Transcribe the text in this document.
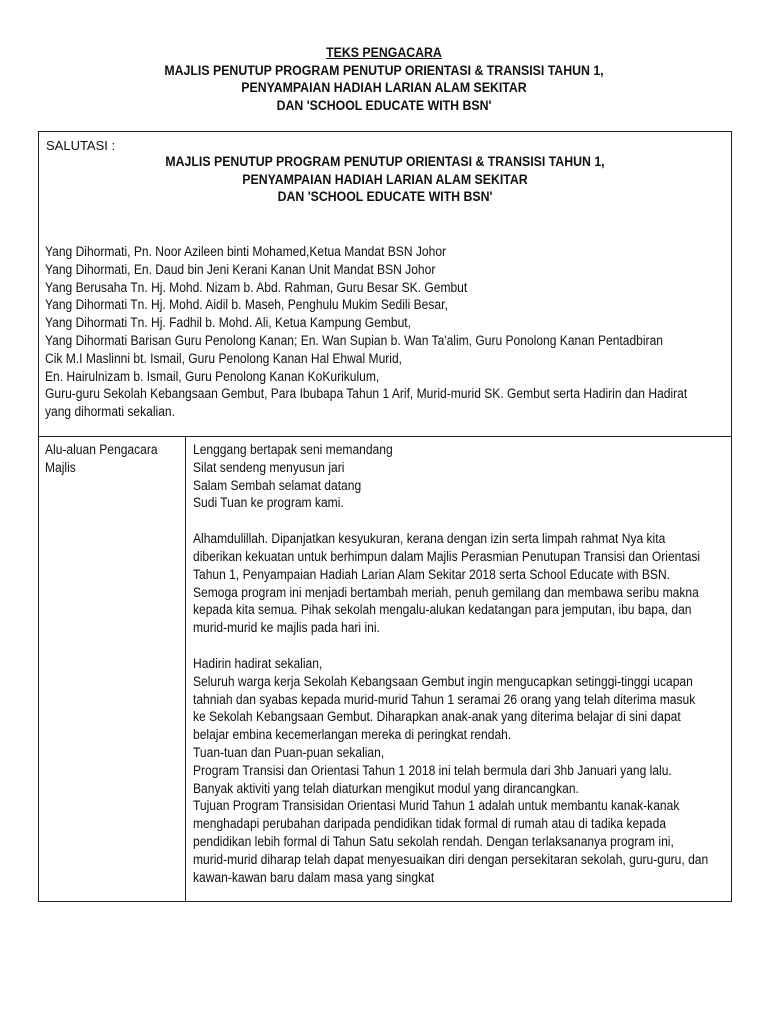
TEKS PENGACARA
MAJLIS PENUTUP PROGRAM PENUTUP ORIENTASI & TRANSISI TAHUN 1,
PENYAMPAIAN HADIAH LARIAN ALAM SEKITAR
DAN 'SCHOOL EDUCATE WITH BSN'
SALUTASI :
MAJLIS PENUTUP PROGRAM PENUTUP ORIENTASI & TRANSISI TAHUN 1,
PENYAMPAIAN HADIAH LARIAN ALAM SEKITAR
DAN 'SCHOOL EDUCATE WITH BSN'
Yang Dihormati, Pn. Noor Azileen binti Mohamed,Ketua Mandat BSN Johor
Yang Dihormati, En. Daud bin Jeni Kerani Kanan Unit Mandat BSN Johor
Yang Berusaha Tn. Hj. Mohd. Nizam b. Abd. Rahman, Guru Besar SK. Gembut
Yang Dihormati Tn. Hj. Mohd. Aidil b. Maseh, Penghulu Mukim Sedili Besar,
Yang Dihormati Tn. Hj. Fadhil b. Mohd. Ali, Ketua Kampung Gembut,
Yang Dihormati Barisan Guru Penolong Kanan; En. Wan Supian b. Wan Ta'alim, Guru Ponolong Kanan Pentadbiran
Cik M.I Maslinni bt. Ismail, Guru Penolong Kanan Hal Ehwal Murid,
En. Hairulnizam b. Ismail, Guru Penolong Kanan KoKurikulum,
Guru-guru Sekolah Kebangsaan Gembut, Para Ibubapa Tahun 1 Arif, Murid-murid SK. Gembut serta Hadirin dan Hadirat
yang dihormati sekalian.
Alu-aluan Pengacara
Majlis
Lenggang bertapak seni memandang
Silat sendeng menyusun jari
Salam Sembah selamat datang
Sudi Tuan ke program kami.
Alhamdulillah. Dipanjatkan kesyukuran, kerana dengan izin serta limpah rahmat Nya kita
diberikan kekuatan untuk berhimpun dalam Majlis Perasmian Penutupan Transisi dan Orientasi
Tahun 1, Penyampaian Hadiah Larian Alam Sekitar 2018 serta School Educate with BSN.
Semoga program ini menjadi bertambah meriah, penuh gemilang dan membawa seribu makna
kepada kita semua. Pihak sekolah mengalu-alukan kedatangan para jemputan, ibu bapa, dan
murid-murid ke majlis pada hari ini.
Hadirin hadirat sekalian,
Seluruh warga kerja Sekolah Kebangsaan Gembut ingin mengucapkan setinggi-tinggi ucapan
tahniah dan syabas kepada murid-murid Tahun 1 seramai 26 orang yang telah diterima masuk
ke Sekolah Kebangsaan Gembut. Diharapkan anak-anak yang diterima belajar di sini dapat
belajar embina kecemerlangan mereka di peringkat rendah.
Tuan-tuan dan Puan-puan sekalian,
Program Transisi dan Orientasi Tahun 1 2018 ini telah bermula dari 3hb Januari yang lalu.
Banyak aktiviti yang telah diaturkan mengikut modul yang dirancangkan.
Tujuan Program Transisidan Orientasi Murid Tahun 1 adalah untuk membantu kanak-kanak
menghadapi perubahan daripada pendidikan tidak formal di rumah atau di tadika kepada
pendidikan lebih formal di Tahun Satu sekolah rendah. Dengan terlaksananya program ini,
murid-murid diharap telah dapat menyesuaikan diri dengan persekitaran sekolah, guru-guru, dan
kawan-kawan baru dalam masa yang singkat
